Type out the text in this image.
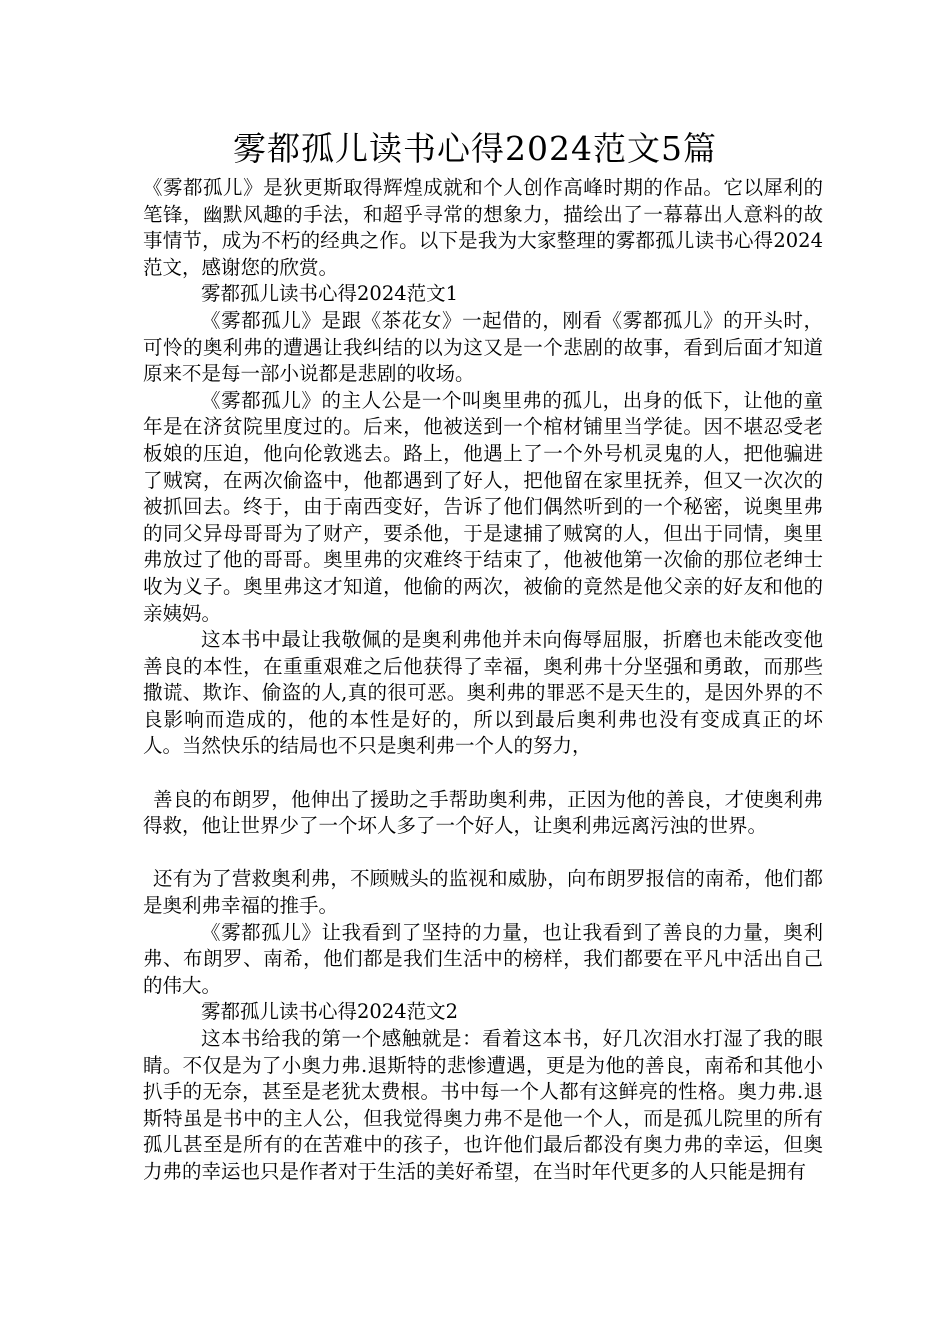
雾都孤儿读书心得2024范文5篇

《雾都孤儿》是狄更斯取得辉煌成就和个人创作高峰时期的作品。它以犀利的笔锋，幽默风趣的手法，和超乎寻常的想象力，描绘出了一幕幕出人意料的故事情节，成为不朽的经典之作。以下是我为大家整理的雾都孤儿读书心得2024范文，感谢您的欣赏。

雾都孤儿读书心得2024范文1

《雾都孤儿》是跟《茶花女》一起借的，刚看《雾都孤儿》的开头时，可怜的奥利弗的遭遇让我纠结的以为这又是一个悲剧的故事，看到后面才知道原来不是每一部小说都是悲剧的收场。

《雾都孤儿》的主人公是一个叫奥里弗的孤儿，出身的低下，让他的童年是在济贫院里度过的。后来，他被送到一个棺材铺里当学徒。因不堪忍受老板娘的压迫，他向伦敦逃去。路上，他遇上了一个外号机灵鬼的人，把他骗进了贼窝，在两次偷盗中，他都遇到了好人，把他留在家里抚养，但又一次次的被抓回去。终于，由于南西变好，告诉了他们偶然听到的一个秘密，说奥里弗的同父异母哥哥为了财产，要杀他，于是逮捕了贼窝的人，但出于同情，奥里弗放过了他的哥哥。奥里弗的灾难终于结束了，他被他第一次偷的那位老绅士收为义子。奥里弗这才知道，他偷的两次，被偷的竟然是他父亲的好友和他的亲姨妈。

这本书中最让我敬佩的是奥利弗他并未向侮辱屈服，折磨也未能改变他善良的本性，在重重艰难之后他获得了幸福，奥利弗十分坚强和勇敢，而那些撒谎、欺诈、偷盗的人,真的很可恶。奥利弗的罪恶不是天生的，是因外界的不良影响而造成的，他的本性是好的，所以到最后奥利弗也没有变成真正的坏人。当然快乐的结局也不只是奥利弗一个人的努力，

善良的布朗罗，他伸出了援助之手帮助奥利弗，正因为他的善良，才使奥利弗得救，他让世界少了一个坏人多了一个好人，让奥利弗远离污浊的世界。

还有为了营救奥利弗，不顾贼头的监视和威胁，向布朗罗报信的南希，他们都是奥利弗幸福的推手。

《雾都孤儿》让我看到了坚持的力量，也让我看到了善良的力量，奥利弗、布朗罗、南希，他们都是我们生活中的榜样，我们都要在平凡中活出自己的伟大。

雾都孤儿读书心得2024范文2

这本书给我的第一个感触就是：看着这本书，好几次泪水打湿了我的眼睛。不仅是为了小奥力弗.退斯特的悲惨遭遇，更是为他的善良，南希和其他小扒手的无奈，甚至是老犹太费根。书中每一个人都有这鲜亮的性格。奥力弗.退斯特虽是书中的主人公，但我觉得奥力弗不是他一个人，而是孤儿院里的所有孤儿甚至是所有的在苦难中的孩子，也许他们最后都没有奥力弗的幸运，但奥力弗的幸运也只是作者对于生活的美好希望，在当时年代更多的人只能是拥有
